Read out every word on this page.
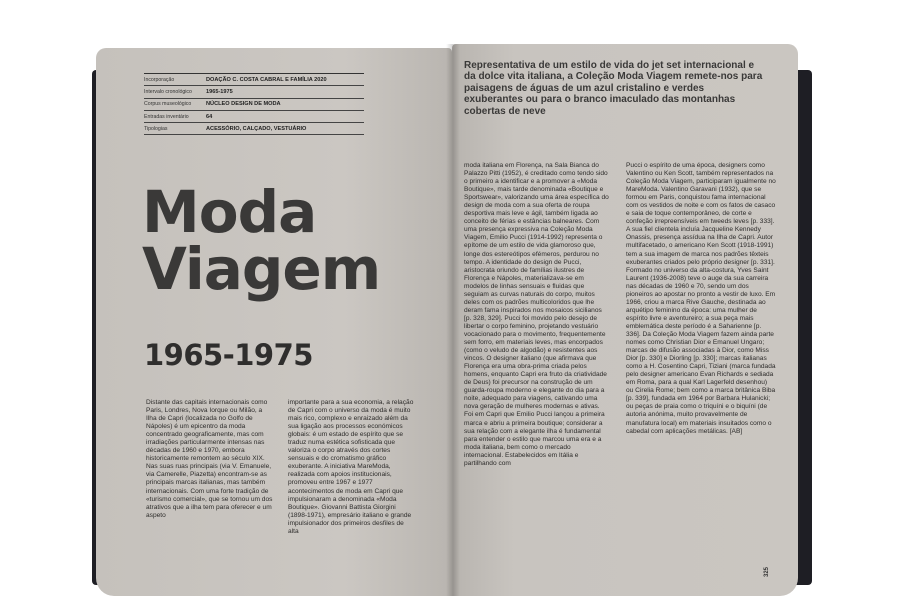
Incorporação	DOAÇÃO C. COSTA CABRAL E FAMÍLIA 2020
Intervalo cronológico	1965-1975
Corpus museológico	NÚCLEO DESIGN DE MODA
Entradas inventário	64
Tipologias	ACESSÓRIO, CALÇADO, VESTUÁRIO
Moda
Viagem
1965-1975

Distante das capitais internacionais como Paris, Londres, Nova Iorque ou Milão, a Ilha de Capri (localizada no Golfo de Nápoles) é um epicentro da moda concentrado geograficamente, mas com irradiações particularmente intensas nas décadas de 1960 e 1970, embora historicamente remontem ao século XIX. Nas suas ruas principais (via V. Emanuele, via Camerelle, Piazetta) encontram-se as principais marcas italianas, mas também internacionais. Com uma forte tradição de «turismo comercial», que se tornou um dos atrativos que a ilha tem para oferecer e um aspeto

importante para a sua economia, a relação de Capri com o universo da moda é muito mais rico, complexo e enraizado além da sua ligação aos processos económicos globais: é um estado de espírito que se traduz numa estética sofisticada que valoriza o corpo através dos cortes sensuais e do cromatismo gráfico exuberante. A iniciativa MareModa, realizada com apoios institucionais, promoveu entre 1967 e 1977 acontecimentos de moda em Capri que impulsionaram a denominada «Moda Boutique». Giovanni Battista Giorgini (1898-1971), empresário italiano e grande impulsionador dos primeiros desfiles de alta

Representativa de um estilo de vida do jet set internacional e da dolce vita italiana, a Coleção Moda Viagem remete-nos para paisagens de águas de um azul cristalino e verdes exuberantes ou para o branco imaculado das montanhas cobertas de neve

moda italiana em Florença, na Sala Bianca do Palazzo Pitti (1952), é creditado como tendo sido o primeiro a identificar e a promover a «Moda Boutique», mais tarde denominada «Boutique e Sportswear», valorizando uma área específica do design de moda com a sua oferta de roupa desportiva mais leve e ágil, também ligada ao conceito de férias e estâncias balneares. Com uma presença expressiva na Coleção Moda Viagem, Emilio Pucci (1914-1992) representa o epítome de um estilo de vida glamoroso que, longe dos estereótipos efémeros, perdurou no tempo. A identidade do design de Pucci, aristocrata oriundo de famílias ilustres de Florença e Nápoles, materializava-se em modelos de linhas sensuais e fluidas que seguiam as curvas naturais do corpo, muitos deles com os padrões multicoloridos que lhe deram fama inspirados nos mosaicos sicilianos [p. 328, 329]. Pucci foi movido pelo desejo de libertar o corpo feminino, projetando vestuário vocacionado para o movimento, frequentemente sem forro, em materiais leves, mas encorpados (como o veludo de algodão) e resistentes aos vincos. O designer italiano (que afirmava que Florença era uma obra-prima criada pelos homens, enquanto Capri era fruto da criatividade de Deus) foi precursor na construção de um guarda-roupa moderno e elegante do dia para a noite, adequado para viagens, cativando uma nova geração de mulheres modernas e ativas. Foi em Capri que Emilio Pucci lançou a primeira marca e abriu a primeira boutique; considerar a sua relação com a elegante ilha é fundamental para entender o estilo que marcou uma era e a moda italiana, bem como o mercado internacional. Estabelecidos em Itália e partilhando com

Pucci o espírito de uma época, designers como Valentino ou Ken Scott, também representados na Coleção Moda Viagem, participaram igualmente no MareModa. Valentino Garavani (1932), que se formou em Paris, conquistou fama internacional com os vestidos de noite e com os fatos de casaco e saia de toque contemporâneo, de corte e confeção irrepreensíveis em tweeds leves [p. 333]. A sua fiel clientela incluía Jacqueline Kennedy Onassis, presença assídua na Ilha de Capri. Autor multifacetado, o americano Ken Scott (1918-1991) tem a sua imagem de marca nos padrões têxteis exuberantes criados pelo próprio designer [p. 331]. Formado no universo da alta-costura, Yves Saint Laurent (1936-2008) teve o auge da sua carreira nas décadas de 1960 e 70, sendo um dos pioneiros ao apostar no pronto a vestir de luxo. Em 1966, criou a marca Rive Gauche, destinada ao arquétipo feminino da época: uma mulher de espírito livre e aventureiro; a sua peça mais emblemática deste período é a Saharienne [p. 336]. Da Coleção Moda Viagem fazem ainda parte nomes como Christian Dior e Emanuel Ungaro; marcas de difusão associadas à Dior, como Miss Dior [p. 330] e Diorling [p. 330]; marcas italianas como a H. Cosentino Capri, Tiziani (marca fundada pelo designer americano Evan Richards e sediada em Roma, para a qual Karl Lagerfeld desenhou) ou Cirelia Rome; bem como a marca britânica Biba [p. 339], fundada em 1964 por Barbara Hulanicki; ou peças de praia como o triquíni e o biquíni (de autoria anónima, muito provavelmente de manufatura local) em materiais insuitados como o cabedal com aplicações metálicas. [AB]

325
